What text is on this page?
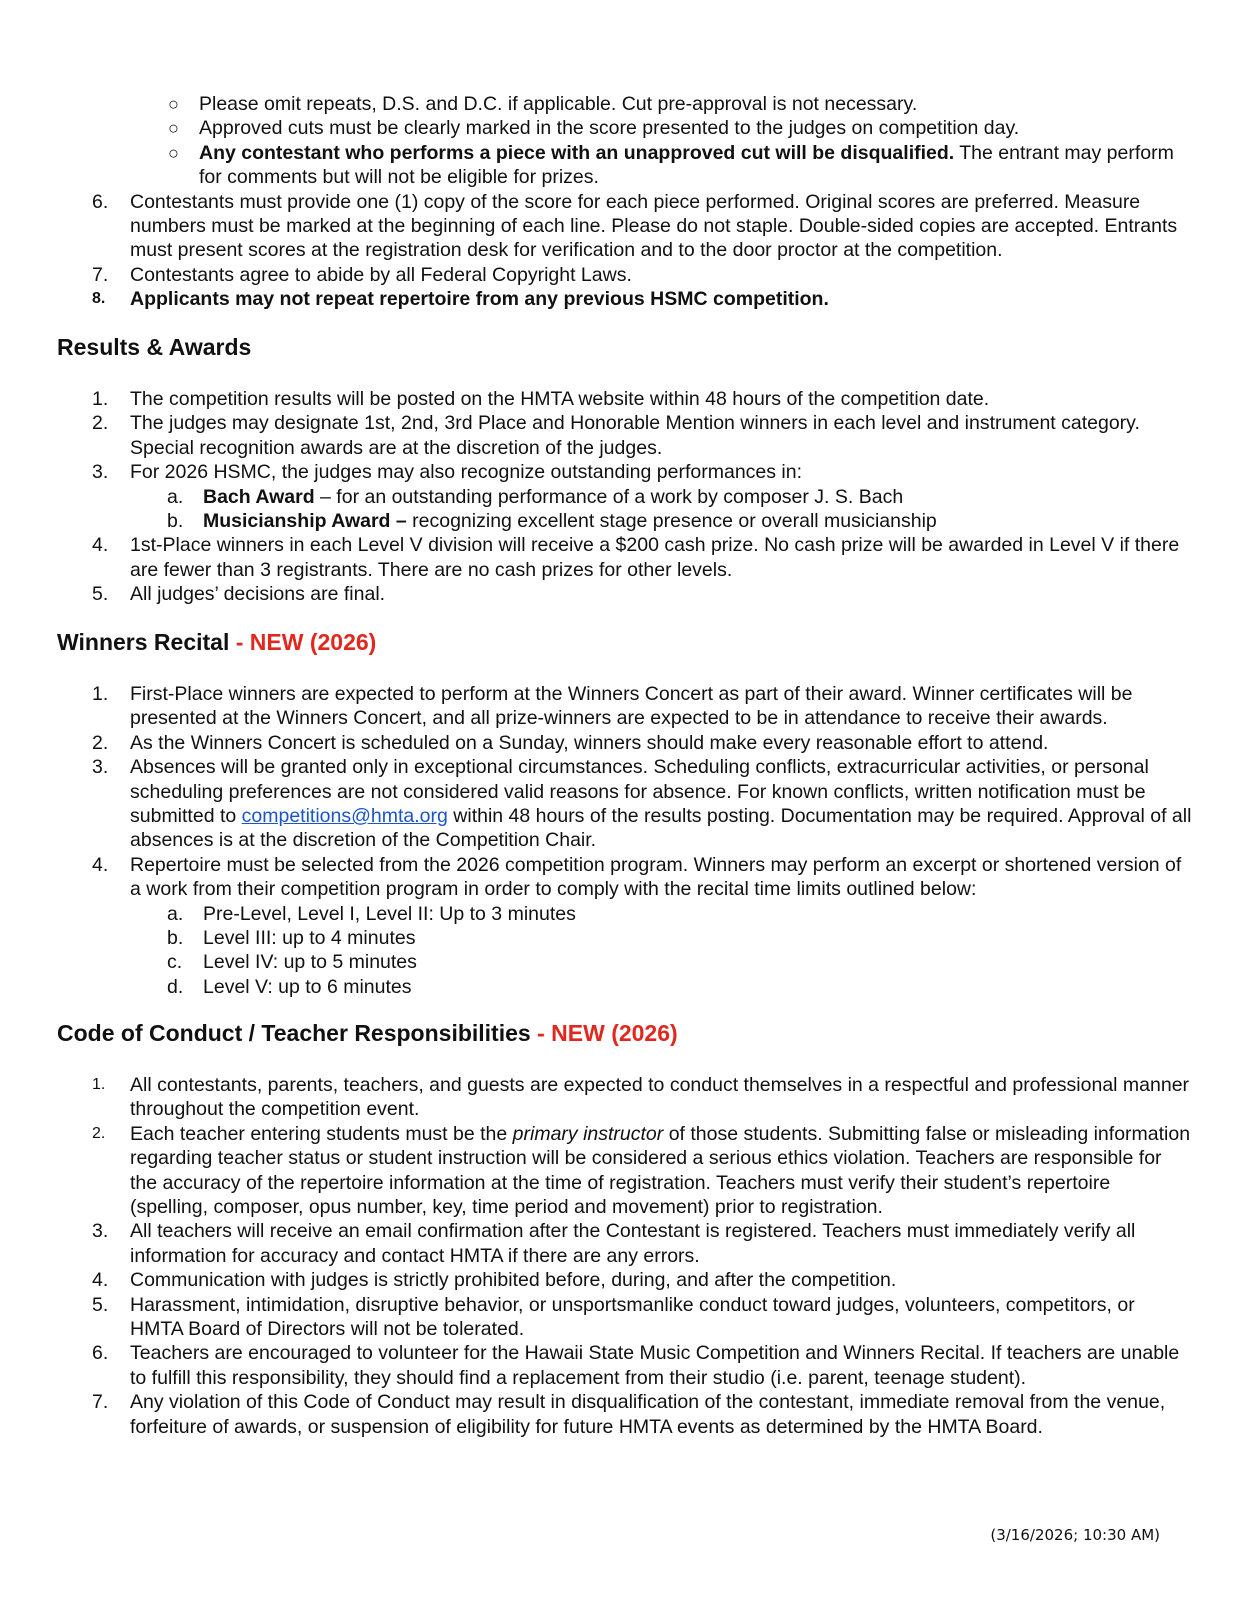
○ Please omit repeats, D.S. and D.C. if applicable. Cut pre-approval is not necessary.
○ Approved cuts must be clearly marked in the score presented to the judges on competition day.
○ Any contestant who performs a piece with an unapproved cut will be disqualified. The entrant may perform for comments but will not be eligible for prizes.
6.	Contestants must provide one (1) copy of the score for each piece performed. Original scores are preferred. Measure numbers must be marked at the beginning of each line. Please do not staple. Double-sided copies are accepted. Entrants must present scores at the registration desk for verification and to the door proctor at the competition.
7.	Contestants agree to abide by all Federal Copyright Laws.
8.	Applicants may not repeat repertoire from any previous HSMC competition.
Results & Awards
1.	The competition results will be posted on the HMTA website within 48 hours of the competition date.
2.	The judges may designate 1st, 2nd, 3rd Place and Honorable Mention winners in each level and instrument category. Special recognition awards are at the discretion of the judges.
3.	For 2026 HSMC, the judges may also recognize outstanding performances in:
a.	Bach Award – for an outstanding performance of a work by composer J. S. Bach
b.	Musicianship Award – recognizing excellent stage presence or overall musicianship
4.	1st-Place winners in each Level V division will receive a $200 cash prize. No cash prize will be awarded in Level V if there are fewer than 3 registrants. There are no cash prizes for other levels.
5.	All judges’ decisions are final.
Winners Recital - NEW (2026)
1.	First-Place winners are expected to perform at the Winners Concert as part of their award. Winner certificates will be presented at the Winners Concert, and all prize-winners are expected to be in attendance to receive their awards.
2.	As the Winners Concert is scheduled on a Sunday, winners should make every reasonable effort to attend.
3.	Absences will be granted only in exceptional circumstances. Scheduling conflicts, extracurricular activities, or personal scheduling preferences are not considered valid reasons for absence. For known conflicts, written notification must be submitted to competitions@hmta.org within 48 hours of the results posting. Documentation may be required. Approval of all absences is at the discretion of the Competition Chair.
4.	Repertoire must be selected from the 2026 competition program. Winners may perform an excerpt or shortened version of a work from their competition program in order to comply with the recital time limits outlined below:
a.	Pre-Level, Level I, Level II: Up to 3 minutes
b.	Level III: up to 4 minutes
c.	Level IV: up to 5 minutes
d.	Level V: up to 6 minutes
Code of Conduct / Teacher Responsibilities - NEW (2026)
1.	All contestants, parents, teachers, and guests are expected to conduct themselves in a respectful and professional manner throughout the competition event.
2.	Each teacher entering students must be the primary instructor of those students. Submitting false or misleading information regarding teacher status or student instruction will be considered a serious ethics violation. Teachers are responsible for the accuracy of the repertoire information at the time of registration. Teachers must verify their student’s repertoire (spelling, composer, opus number, key, time period and movement) prior to registration.
3.	All teachers will receive an email confirmation after the Contestant is registered. Teachers must immediately verify all information for accuracy and contact HMTA if there are any errors.
4.	Communication with judges is strictly prohibited before, during, and after the competition.
5.	Harassment, intimidation, disruptive behavior, or unsportsmanlike conduct toward judges, volunteers, competitors, or HMTA Board of Directors will not be tolerated.
6.	Teachers are encouraged to volunteer for the Hawaii State Music Competition and Winners Recital. If teachers are unable to fulfill this responsibility, they should find a replacement from their studio (i.e. parent, teenage student).
7.	Any violation of this Code of Conduct may result in disqualification of the contestant, immediate removal from the venue, forfeiture of awards, or suspension of eligibility for future HMTA events as determined by the HMTA Board.
(3/16/2026; 10:30 AM)
